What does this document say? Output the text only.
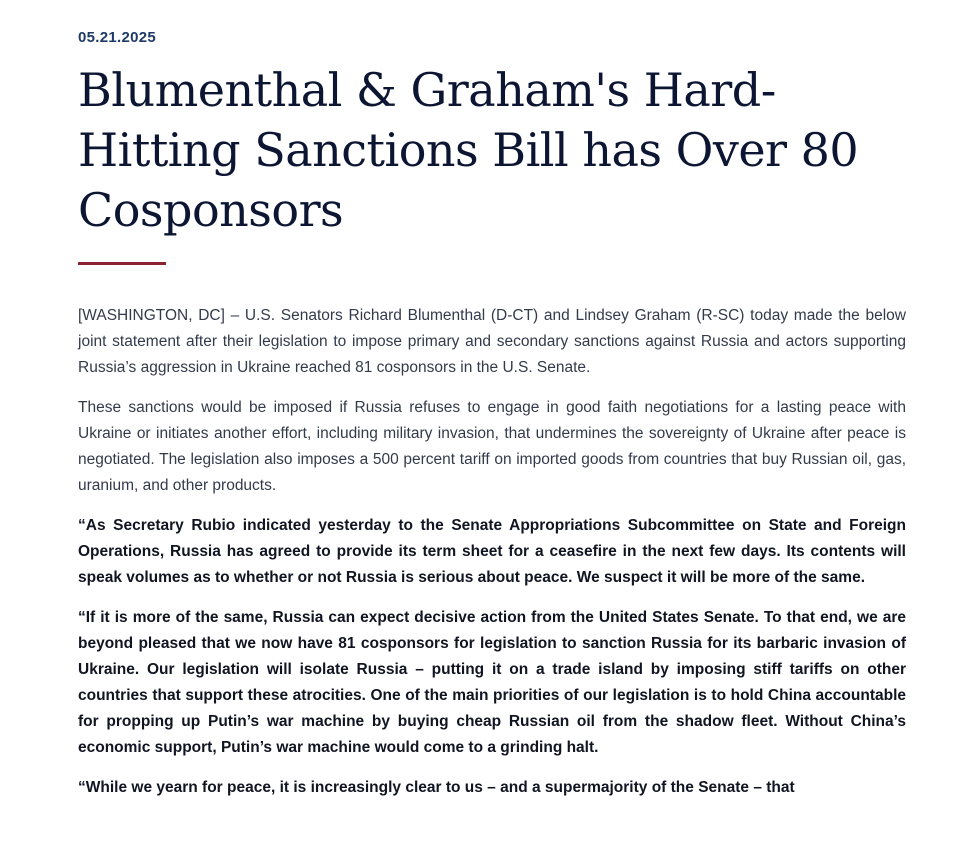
05.21.2025

Blumenthal & Graham's Hard-Hitting Sanctions Bill has Over 80 Cosponsors

[WASHINGTON, DC] – U.S. Senators Richard Blumenthal (D-CT) and Lindsey Graham (R-SC) today made the below joint statement after their legislation to impose primary and secondary sanctions against Russia and actors supporting Russia’s aggression in Ukraine reached 81 cosponsors in the U.S. Senate.

These sanctions would be imposed if Russia refuses to engage in good faith negotiations for a lasting peace with Ukraine or initiates another effort, including military invasion, that undermines the sovereignty of Ukraine after peace is negotiated. The legislation also imposes a 500 percent tariff on imported goods from countries that buy Russian oil, gas, uranium, and other products.

“As Secretary Rubio indicated yesterday to the Senate Appropriations Subcommittee on State and Foreign Operations, Russia has agreed to provide its term sheet for a ceasefire in the next few days. Its contents will speak volumes as to whether or not Russia is serious about peace. We suspect it will be more of the same.

“If it is more of the same, Russia can expect decisive action from the United States Senate. To that end, we are beyond pleased that we now have 81 cosponsors for legislation to sanction Russia for its barbaric invasion of Ukraine. Our legislation will isolate Russia – putting it on a trade island by imposing stiff tariffs on other countries that support these atrocities. One of the main priorities of our legislation is to hold China accountable for propping up Putin’s war machine by buying cheap Russian oil from the shadow fleet. Without China’s economic support, Putin’s war machine would come to a grinding halt.

“While we yearn for peace, it is increasingly clear to us – and a supermajority of the Senate – that
